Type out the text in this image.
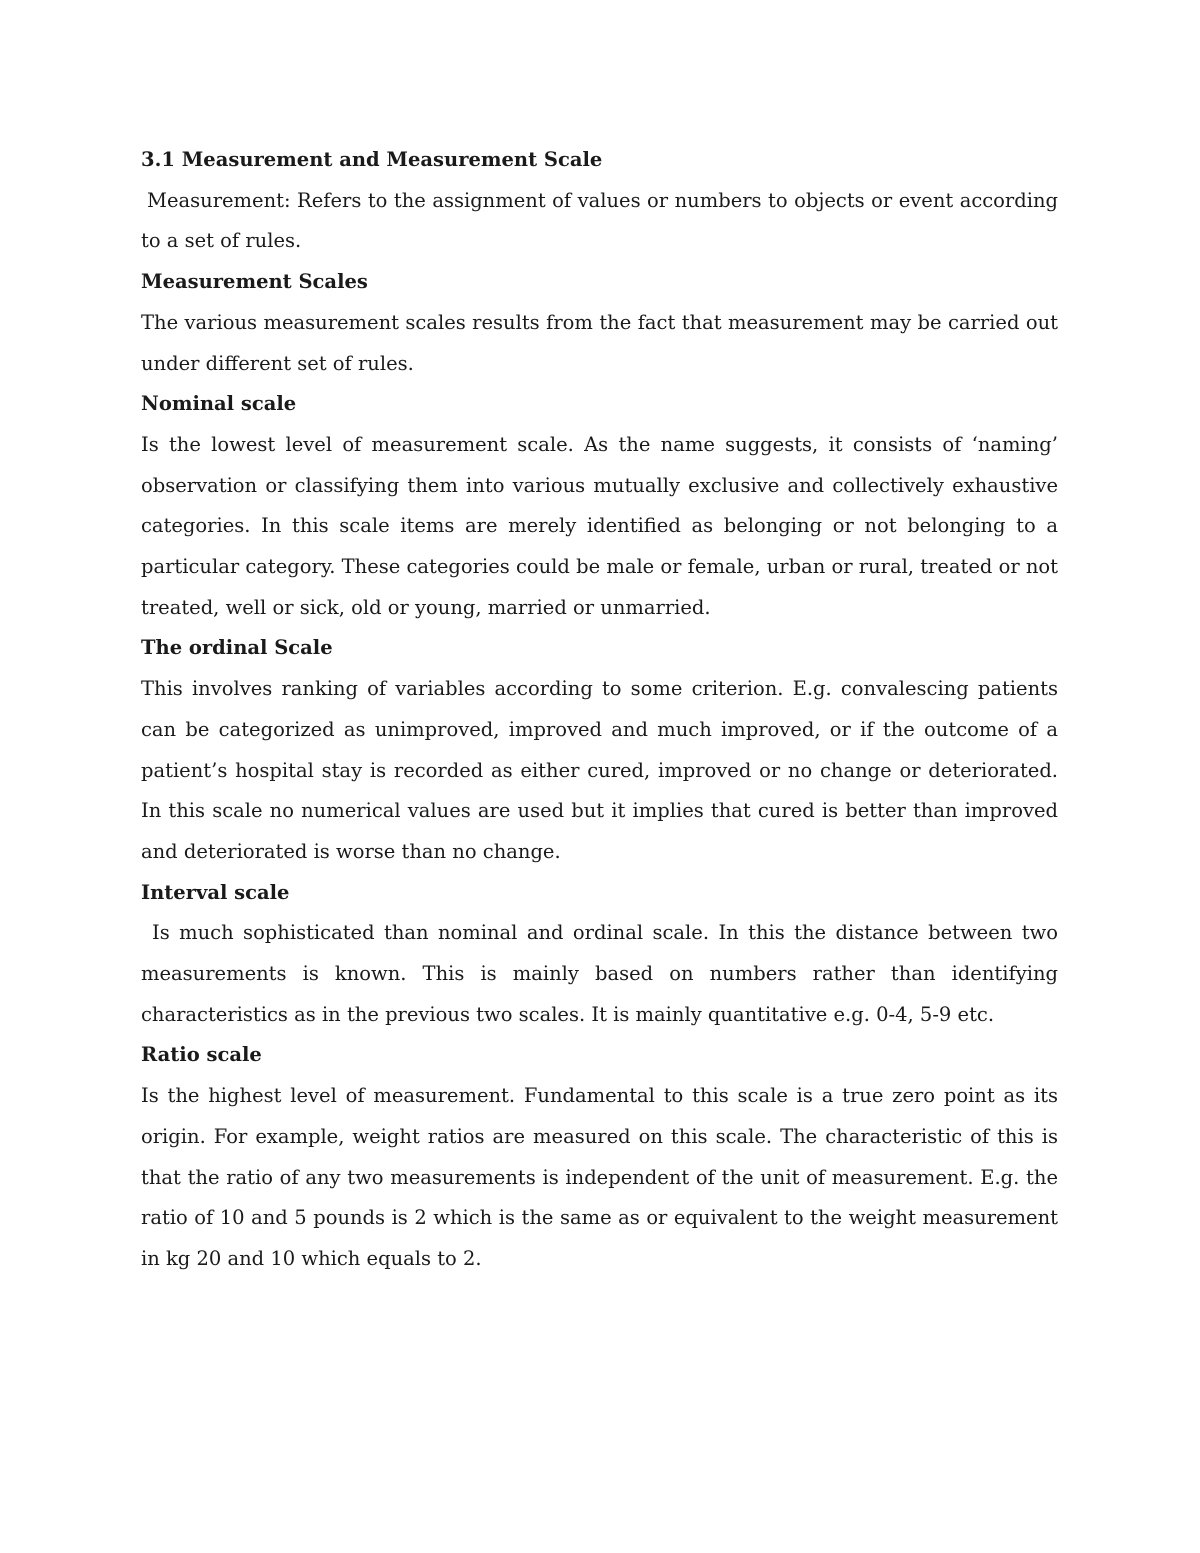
3.1 Measurement and Measurement Scale

Measurement: Refers to the assignment of values or numbers to objects or event according to a set of rules.

Measurement Scales

The various measurement scales results from the fact that measurement may be carried out under different set of rules.

Nominal scale

Is the lowest level of measurement scale. As the name suggests, it consists of ‘naming’ observation or classifying them into various mutually exclusive and collectively exhaustive categories. In this scale items are merely identified as belonging or not belonging to a particular category. These categories could be male or female, urban or rural, treated or not treated, well or sick, old or young, married or unmarried.

The ordinal Scale

This involves ranking of variables according to some criterion. E.g. convalescing patients can be categorized as unimproved, improved and much improved, or if the outcome of a patient’s hospital stay is recorded as either cured, improved or no change or deteriorated. In this scale no numerical values are used but it implies that cured is better than improved and deteriorated is worse than no change.

Interval scale

Is much sophisticated than nominal and ordinal scale. In this the distance between two measurements is known. This is mainly based on numbers rather than identifying characteristics as in the previous two scales. It is mainly quantitative e.g. 0-4, 5-9 etc.

Ratio scale

Is the highest level of measurement. Fundamental to this scale is a true zero point as its origin. For example, weight ratios are measured on this scale. The characteristic of this is that the ratio of any two measurements is independent of the unit of measurement. E.g. the ratio of 10 and 5 pounds is 2 which is the same as or equivalent to the weight measurement in kg 20 and 10 which equals to 2.
